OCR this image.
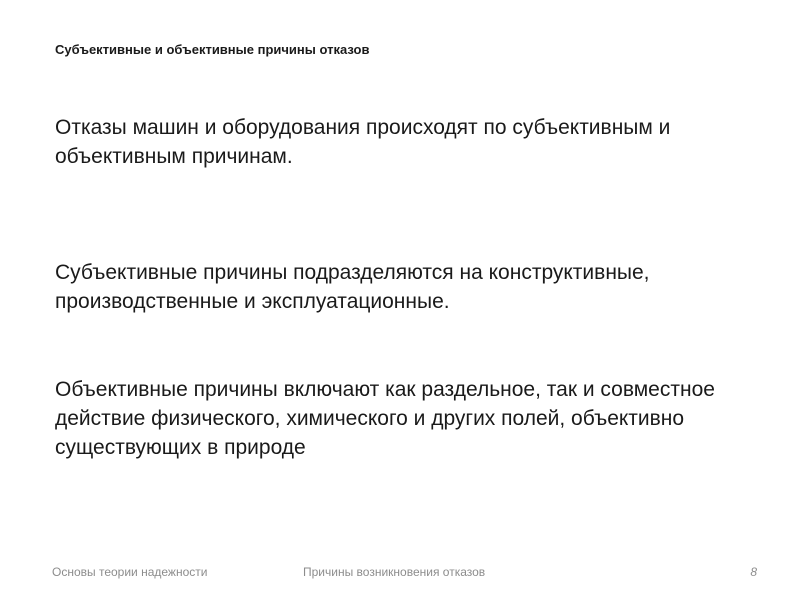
Субъективные и объективные причины отказов

Отказы машин и оборудования происходят по субъективным и объективным причинам.

Субъективные причины подразделяются на конструктивные, производственные и эксплуатационные.

Объективные причины включают как раздельное, так и совместное действие физического, химического и других полей, объективно существующих в природе

Основы теории надежности	Причины возникновения отказов	8
